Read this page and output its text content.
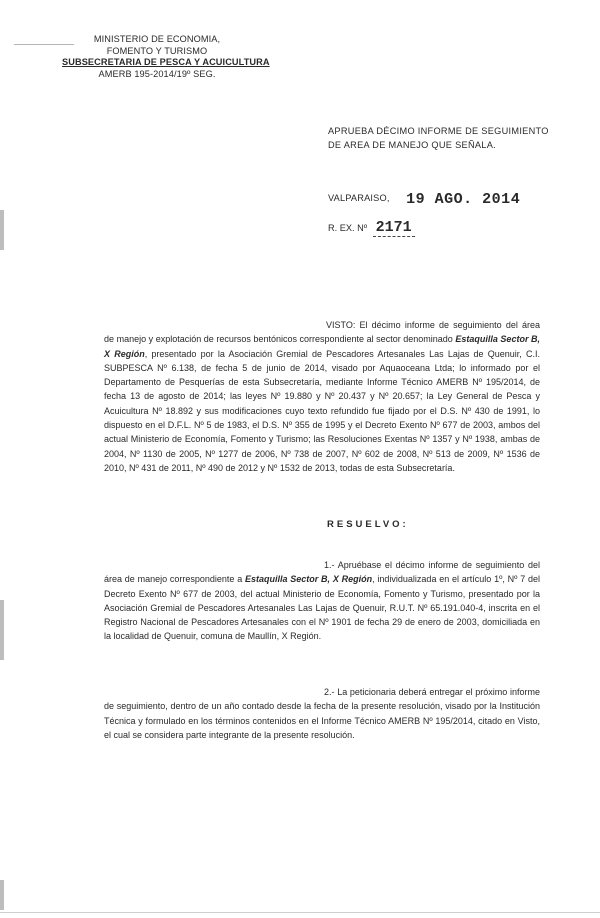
MINISTERIO DE ECONOMIA,
FOMENTO Y TURISMO
SUBSECRETARIA DE PESCA Y ACUICULTURA
AMERB 195-2014/19º SEG.
APRUEBA DÉCIMO INFORME DE SEGUIMIENTO
DE AREA DE MANEJO QUE SEÑALA.
VALPARAISO, 19 AGO. 2014
R. EX. Nº 2171
VISTO: El décimo informe de seguimiento del área de manejo y explotación de recursos bentónicos correspondiente al sector denominado Estaquilla Sector B, X Región, presentado por la Asociación Gremial de Pescadores Artesanales Las Lajas de Quenuir, C.I. SUBPESCA Nº 6.138, de fecha 5 de junio de 2014, visado por Aquaoceana Ltda; lo informado por el Departamento de Pesquerías de esta Subsecretaría, mediante Informe Técnico AMERB Nº 195/2014, de fecha 13 de agosto de 2014; las leyes Nº 19.880 y Nº 20.437 y Nº 20.657; la Ley General de Pesca y Acuicultura Nº 18.892 y sus modificaciones cuyo texto refundido fue fijado por el D.S. Nº 430 de 1991, lo dispuesto en el D.F.L. Nº 5 de 1983, el D.S. Nº 355 de 1995 y el Decreto Exento Nº 677 de 2003, ambos del actual Ministerio de Economía, Fomento y Turismo; las Resoluciones Exentas Nº 1357 y Nº 1938, ambas de 2004, Nº 1130 de 2005, Nº 1277 de 2006, Nº 738 de 2007, Nº 602 de 2008, Nº 513 de 2009, Nº 1536 de 2010, Nº 431 de 2011, Nº 490 de 2012 y Nº 1532 de 2013, todas de esta Subsecretaría.
RESUELVO:
1.- Apruébase el décimo informe de seguimiento del área de manejo correspondiente a Estaquilla Sector B, X Región, individualizada en el artículo 1º, Nº 7 del Decreto Exento Nº 677 de 2003, del actual Ministerio de Economía, Fomento y Turismo, presentado por la Asociación Gremial de Pescadores Artesanales Las Lajas de Quenuir, R.U.T. Nº 65.191.040-4, inscrita en el Registro Nacional de Pescadores Artesanales con el Nº 1901 de fecha 29 de enero de 2003, domiciliada en la localidad de Quenuir, comuna de Maullín, X Región.
2.- La peticionaria deberá entregar el próximo informe de seguimiento, dentro de un año contado desde la fecha de la presente resolución, visado por la Institución Técnica y formulado en los términos contenidos en el Informe Técnico AMERB Nº 195/2014, citado en Visto, el cual se considera parte integrante de la presente resolución.
